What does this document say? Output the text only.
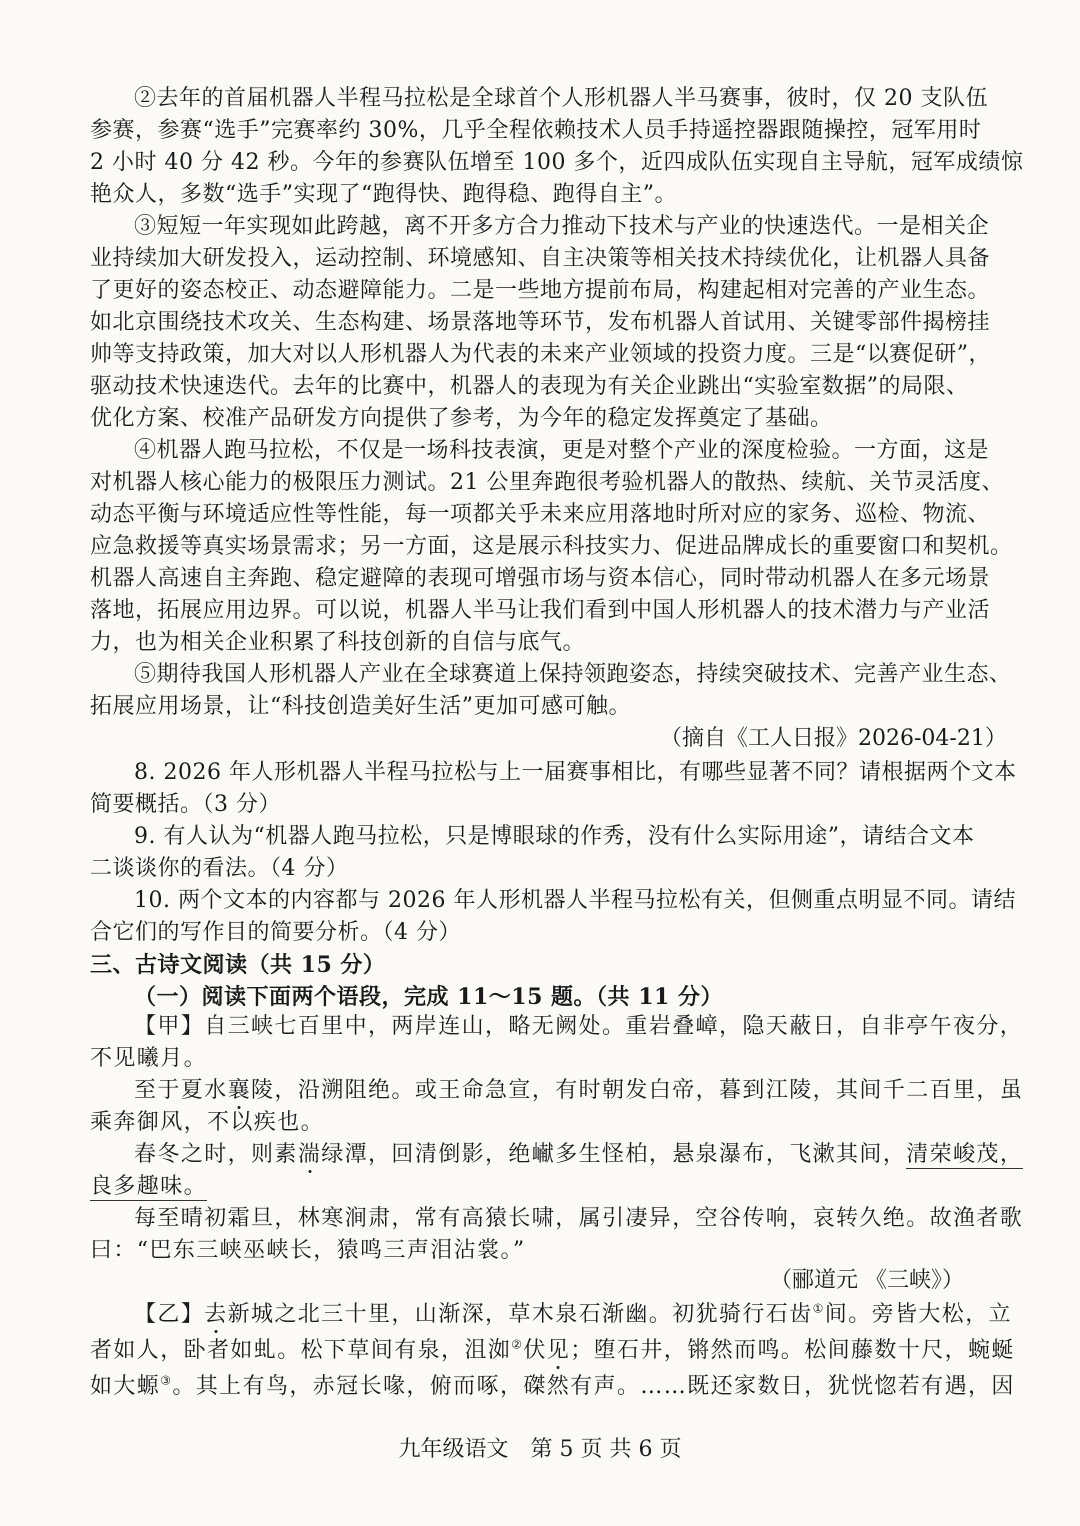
②去年的首届机器人半程马拉松是全球首个人形机器人半马赛事，彼时，仅 20 支队伍
参赛，参赛“选手”完赛率约 30%，几乎全程依赖技术人员手持遥控器跟随操控，冠军用时
2 小时 40 分 42 秒。今年的参赛队伍增至 100 多个，近四成队伍实现自主导航，冠军成绩惊
艳众人，多数“选手”实现了“跑得快、跑得稳、跑得自主”。
③短短一年实现如此跨越，离不开多方合力推动下技术与产业的快速迭代。一是相关企
业持续加大研发投入，运动控制、环境感知、自主决策等相关技术持续优化，让机器人具备
了更好的姿态校正、动态避障能力。二是一些地方提前布局，构建起相对完善的产业生态。
如北京围绕技术攻关、生态构建、场景落地等环节，发布机器人首试用、关键零部件揭榜挂
帅等支持政策，加大对以人形机器人为代表的未来产业领域的投资力度。三是“以赛促研”，
驱动技术快速迭代。去年的比赛中，机器人的表现为有关企业跳出“实验室数据”的局限、
优化方案、校准产品研发方向提供了参考，为今年的稳定发挥奠定了基础。
④机器人跑马拉松，不仅是一场科技表演，更是对整个产业的深度检验。一方面，这是
对机器人核心能力的极限压力测试。21 公里奔跑很考验机器人的散热、续航、关节灵活度、
动态平衡与环境适应性等性能，每一项都关乎未来应用落地时所对应的家务、巡检、物流、
应急救援等真实场景需求；另一方面，这是展示科技实力、促进品牌成长的重要窗口和契机。
机器人高速自主奔跑、稳定避障的表现可增强市场与资本信心，同时带动机器人在多元场景
落地，拓展应用边界。可以说，机器人半马让我们看到中国人形机器人的技术潜力与产业活
力，也为相关企业积累了科技创新的自信与底气。
⑤期待我国人形机器人产业在全球赛道上保持领跑姿态，持续突破技术、完善产业生态、
拓展应用场景，让“科技创造美好生活”更加可感可触。
（摘自《工人日报》2026-04-21）
8. 2026 年人形机器人半程马拉松与上一届赛事相比，有哪些显著不同？请根据两个文本
简要概括。（3 分）
9. 有人认为“机器人跑马拉松，只是博眼球的作秀，没有什么实际用途”，请结合文本
二谈谈你的看法。（4 分）
10. 两个文本的内容都与 2026 年人形机器人半程马拉松有关，但侧重点明显不同。请结
合它们的写作目的简要分析。（4 分）
三、古诗文阅读（共 15 分）
（一）阅读下面两个语段，完成 11～15 题。（共 11 分）
【甲】自三峡七百里中，两岸连山，略无阙处。重岩叠嶂，隐天蔽日，自非亭午夜分，
不见曦月。
至于夏水襄陵，沿溯阻绝。或王命急宣，有时朝发白帝，暮到江陵，其间千二百里，虽
乘奔御风，不以疾也。
春冬之时，则素湍绿潭，回清倒影，绝𪩘多生怪柏，悬泉瀑布，飞漱其间，清荣峻茂，
良多趣味。
每至晴初霜旦，林寒涧肃，常有高猿长啸，属引凄异，空谷传响，哀转久绝。故渔者歌
曰：“巴东三峡巫峡长，猿鸣三声泪沾裳。”
（郦道元 《三峡》）
【乙】去新城之北三十里，山渐深，草木泉石渐幽。初犹骑行石齿①间。旁皆大松，立
者如人，卧者如虬。松下草间有泉，沮洳②伏见；堕石井，锵然而鸣。松间藤数十尺，蜿蜒
九年级语文　第 5 页 共 6 页
如大螈③。其上有鸟，赤冠长喙，俯而啄，磔然有声。……既还家数日，犹恍惚若有遇，因
